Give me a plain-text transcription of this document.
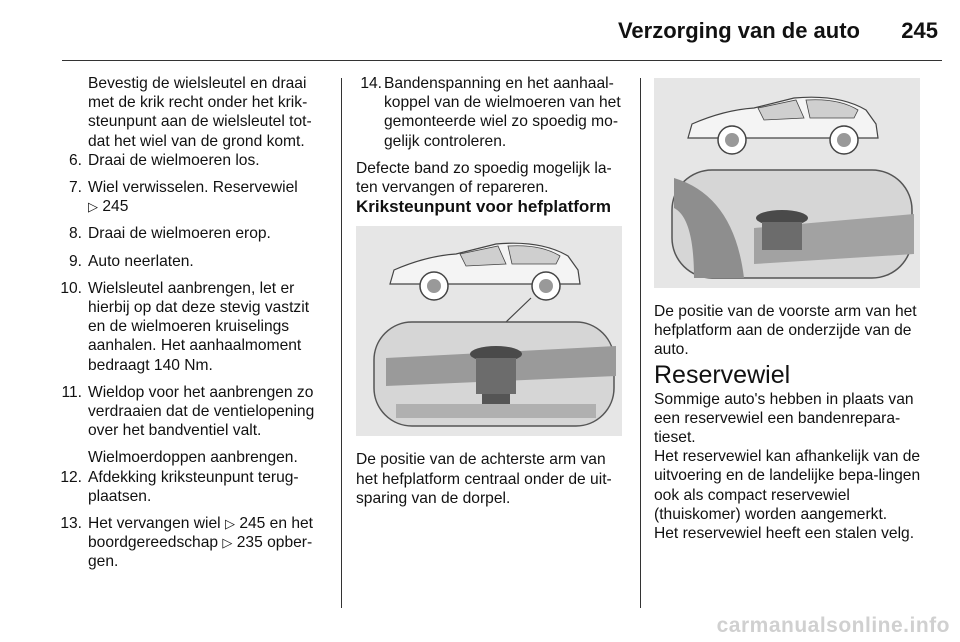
Verzorging van de auto	245

Bevestig de wielsleutel en draai met de krik recht onder het krik-steunpunt aan de wielsleutel tot-dat het wiel van de grond komt.

6. Draai de wielmoeren los.
7. Wiel verwisselen. Reservewiel
▷ 245
8. Draai de wielmoeren erop.
9. Auto neerlaten.
10. Wielsleutel aanbrengen, let er hierbij op dat deze stevig vastzit en de wielmoeren kruiselings aanhalen. Het aanhaalmoment bedraagt 140 Nm.
11. Wieldop voor het aanbrengen zo verdraaien dat de ventielopening over het bandventiel valt.

Wielmoerdoppen aanbrengen.

12. Afdekking kriksteunpunt terug-plaatsen.
13. Het vervangen wiel ▷ 245 en het boordgereedschap ▷ 235 opber-gen.
14. Bandenspanning en het aanhaal-koppel van de wielmoeren van het gemonteerde wiel zo spoedig mo-gelijk controleren.

Defecte band zo spoedig mogelijk la-ten vervangen of repareren.

Kriksteunpunt voor hefplatform

De positie van de achterste arm van het hefplatform centraal onder de uit-sparing van de dorpel.

De positie van de voorste arm van het hefplatform aan de onderzijde van de auto.

Reservewiel

Sommige auto's hebben in plaats van een reservewiel een bandenrepara-tieset.

Het reservewiel kan afhankelijk van de uitvoering en de landelijke bepa-lingen ook als compact reservewiel (thuiskomer) worden aangemerkt.

Het reservewiel heeft een stalen velg.

carmanualsonline.info
